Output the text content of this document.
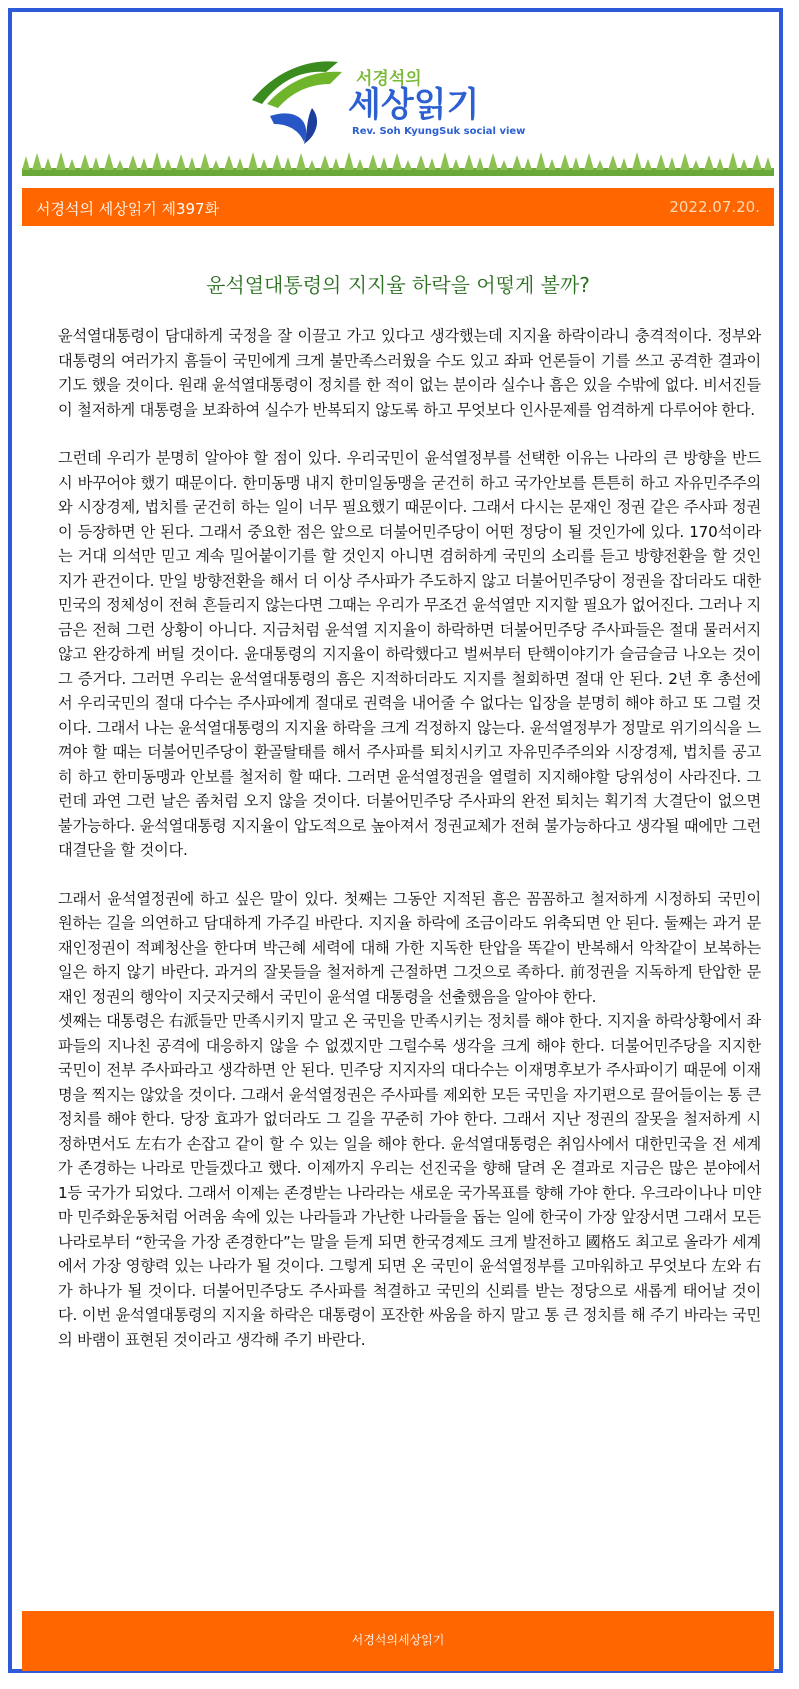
서경석의
세상읽기
Rev. Soh KyungSuk social view
서경석의 세상읽기 제397화	2022.07.20.
윤석열대통령의 지지율 하락을 어떻게 볼까?

윤석열대통령이 담대하게 국정을 잘 이끌고 가고 있다고 생각했는데 지지율 하락이라니 충격적이다. 정부와 대통령의 여러가지 흠들이 국민에게 크게 불만족스러웠을 수도 있고 좌파 언론들이 기를 쓰고 공격한 결과이기도 했을 것이다. 원래 윤석열대통령이 정치를 한 적이 없는 분이라 실수나 흠은 있을 수밖에 없다. 비서진들이 철저하게 대통령을 보좌하여 실수가 반복되지 않도록 하고 무엇보다 인사문제를 엄격하게 다루어야 한다.

그런데 우리가 분명히 알아야 할 점이 있다. 우리국민이 윤석열정부를 선택한 이유는 나라의 큰 방향을 반드시 바꾸어야 했기 때문이다. 한미동맹 내지 한미일동맹을 굳건히 하고 국가안보를 튼튼히 하고 자유민주주의와 시장경제, 법치를 굳건히 하는 일이 너무 필요했기 때문이다. 그래서 다시는 문재인 정권 같은 주사파 정권이 등장하면 안 된다. 그래서 중요한 점은 앞으로 더불어민주당이 어떤 정당이 될 것인가에 있다. 170석이라는 거대 의석만 믿고 계속 밀어붙이기를 할 것인지 아니면 겸허하게 국민의 소리를 듣고 방향전환을 할 것인지가 관건이다. 만일 방향전환을 해서 더 이상 주사파가 주도하지 않고 더불어민주당이 정권을 잡더라도 대한민국의 정체성이 전혀 흔들리지 않는다면 그때는 우리가 무조건 윤석열만 지지할 필요가 없어진다. 그러나 지금은 전혀 그런 상황이 아니다. 지금처럼 윤석열 지지율이 하락하면 더불어민주당 주사파들은 절대 물러서지 않고 완강하게 버틸 것이다. 윤대통령의 지지율이 하락했다고 벌써부터 탄핵이야기가 슬금슬금 나오는 것이 그 증거다. 그러면 우리는 윤석열대통령의 흠은 지적하더라도 지지를 철회하면 절대 안 된다. 2년 후 총선에서 우리국민의 절대 다수는 주사파에게 절대로 권력을 내어줄 수 없다는 입장을 분명히 해야 하고 또 그럴 것이다. 그래서 나는 윤석열대통령의 지지율 하락을 크게 걱정하지 않는다. 윤석열정부가 정말로 위기의식을 느껴야 할 때는 더불어민주당이 환골탈태를 해서 주사파를 퇴치시키고 자유민주주의와 시장경제, 법치를 공고히 하고 한미동맹과 안보를 철저히 할 때다. 그러면 윤석열정권을 열렬히 지지해야할 당위성이 사라진다. 그런데 과연 그런 날은 좀처럼 오지 않을 것이다. 더불어민주당 주사파의 완전 퇴치는 획기적 大결단이 없으면 불가능하다. 윤석열대통령 지지율이 압도적으로 높아져서 정권교체가 전혀 불가능하다고 생각될 때에만 그런 대결단을 할 것이다.

그래서 윤석열정권에 하고 싶은 말이 있다. 첫째는 그동안 지적된 흠은 꼼꼼하고 철저하게 시정하되 국민이 원하는 길을 의연하고 담대하게 가주길 바란다. 지지율 하락에 조금이라도 위축되면 안 된다. 둘째는 과거 문재인정권이 적폐청산을 한다며 박근혜 세력에 대해 가한 지독한 탄압을 똑같이 반복해서 악착같이 보복하는 일은 하지 않기 바란다. 과거의 잘못들을 철저하게 근절하면 그것으로 족하다. 前정권을 지독하게 탄압한 문재인 정권의 행악이 지긋지긋해서 국민이 윤석열 대통령을 선출했음을 알아야 한다.

셋째는 대통령은 右派들만 만족시키지 말고 온 국민을 만족시키는 정치를 해야 한다. 지지율 하락상황에서 좌파들의 지나친 공격에 대응하지 않을 수 없겠지만 그럴수록 생각을 크게 해야 한다. 더불어민주당을 지지한 국민이 전부 주사파라고 생각하면 안 된다. 민주당 지지자의 대다수는 이재명후보가 주사파이기 때문에 이재명을 찍지는 않았을 것이다. 그래서 윤석열정권은 주사파를 제외한 모든 국민을 자기편으로 끌어들이는 통 큰 정치를 해야 한다. 당장 효과가 없더라도 그 길을 꾸준히 가야 한다. 그래서 지난 정권의 잘못을 철저하게 시정하면서도 左右가 손잡고 같이 할 수 있는 일을 해야 한다. 윤석열대통령은 취임사에서 대한민국을 전 세계가 존경하는 나라로 만들겠다고 했다. 이제까지 우리는 선진국을 향해 달려 온 결과로 지금은 많은 분야에서 1등 국가가 되었다. 그래서 이제는 존경받는 나라라는 새로운 국가목표를 향해 가야 한다. 우크라이나나 미얀마 민주화운동처럼 어려움 속에 있는 나라들과 가난한 나라들을 돕는 일에 한국이 가장 앞장서면 그래서 모든 나라로부터 “한국을 가장 존경한다”는 말을 듣게 되면 한국경제도 크게 발전하고 國格도 최고로 올라가 세계에서 가장 영향력 있는 나라가 될 것이다. 그렇게 되면 온 국민이 윤석열정부를 고마워하고 무엇보다 左와 右가 하나가 될 것이다. 더불어민주당도 주사파를 척결하고 국민의 신뢰를 받는 정당으로 새롭게 태어날 것이다. 이번 윤석열대통령의 지지율 하락은 대통령이 포잔한 싸움을 하지 말고 통 큰 정치를 해 주기 바라는 국민의 바램이 표현된 것이라고 생각해 주기 바란다.

서경석의세상읽기
